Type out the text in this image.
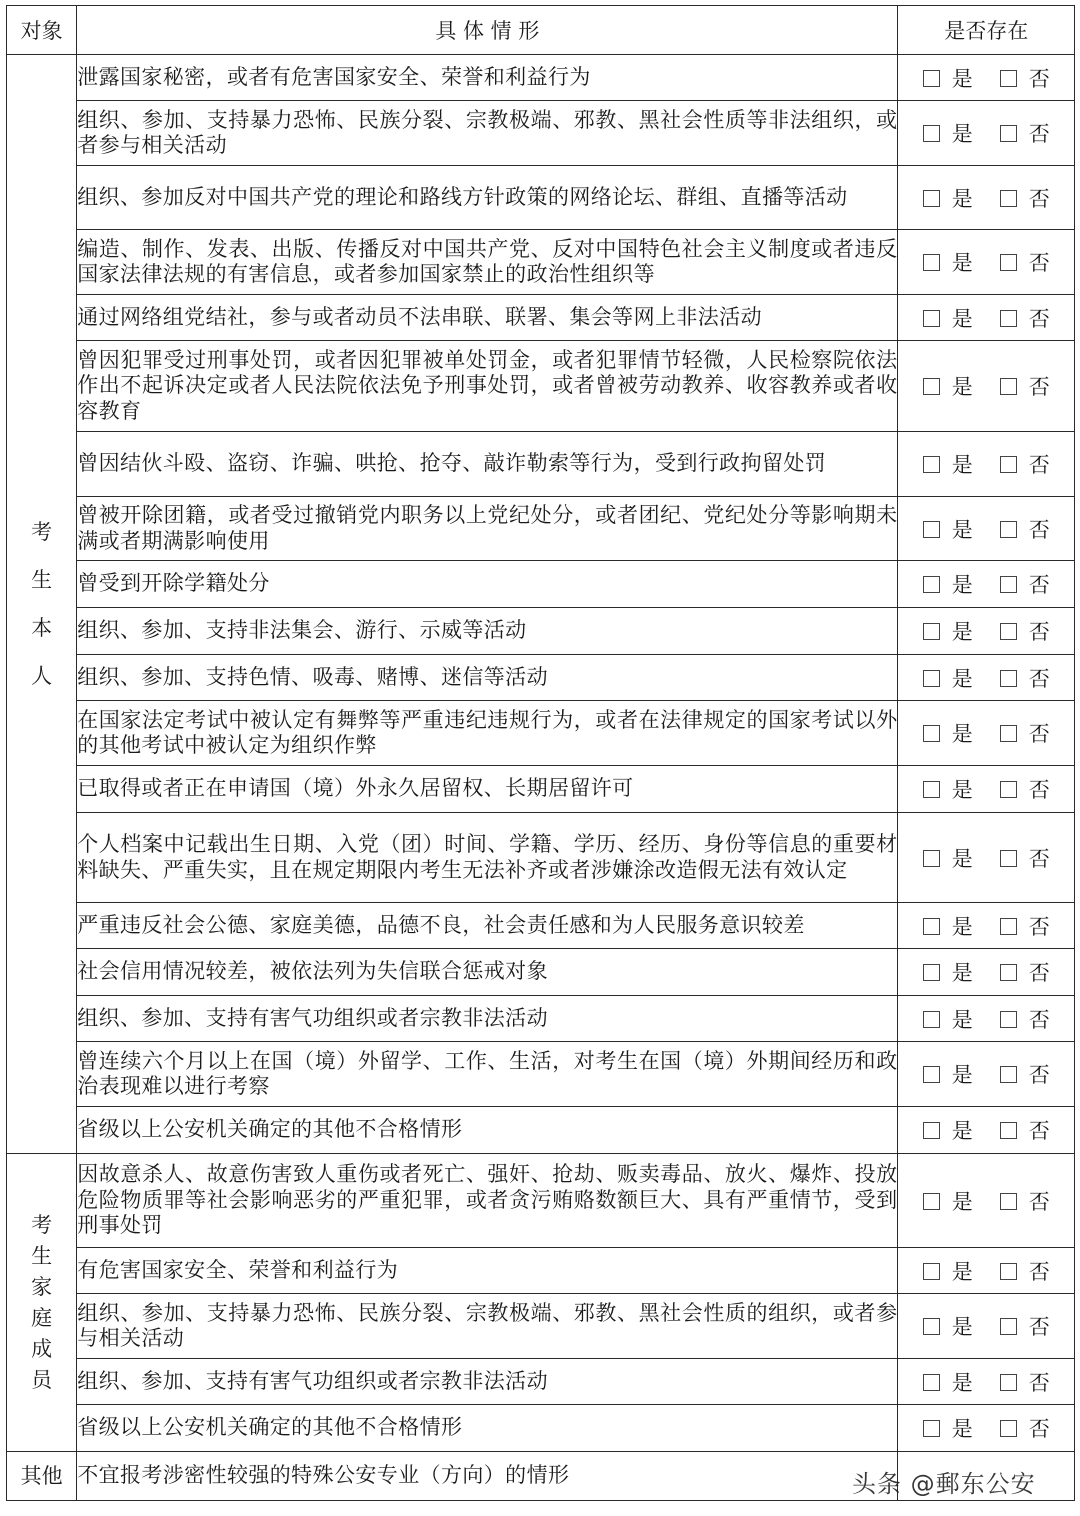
对象	具 体 情 形	是否存在

考
生
本
人	泄露国家秘密，或者有危害国家安全、荣誉和利益行为	是 否
	组织、参加、支持暴力恐怖、民族分裂、宗教极端、邪教、黑社会性质等非法组织，或者参与相关活动	是 否
	组织、参加反对中国共产党的理论和路线方针政策的网络论坛、群组、直播等活动	是 否
	编造、制作、发表、出版、传播反对中国共产党、反对中国特色社会主义制度或者违反国家法律法规的有害信息，或者参加国家禁止的政治性组织等	是 否
	通过网络组党结社，参与或者动员不法串联、联署、集会等网上非法活动	是 否
	曾因犯罪受过刑事处罚，或者因犯罪被单处罚金，或者犯罪情节轻微，人民检察院依法作出不起诉决定或者人民法院依法免予刑事处罚，或者曾被劳动教养、收容教养或者收容教育	是 否
	曾因结伙斗殴、盗窃、诈骗、哄抢、抢夺、敲诈勒索等行为，受到行政拘留处罚	是 否
	曾被开除团籍，或者受过撤销党内职务以上党纪处分，或者团纪、党纪处分等影响期未满或者期满影响使用	是 否
	曾受到开除学籍处分	是 否
	组织、参加、支持非法集会、游行、示威等活动	是 否
	组织、参加、支持色情、吸毒、赌博、迷信等活动	是 否
	在国家法定考试中被认定有舞弊等严重违纪违规行为，或者在法律规定的国家考试以外的其他考试中被认定为组织作弊	是 否
	已取得或者正在申请国（境）外永久居留权、长期居留许可	是 否
	个人档案中记载出生日期、入党（团）时间、学籍、学历、经历、身份等信息的重要材料缺失、严重失实，且在规定期限内考生无法补齐或者涉嫌涂改造假无法有效认定	是 否
	严重违反社会公德、家庭美德，品德不良，社会责任感和为人民服务意识较差	是 否
	社会信用情况较差，被依法列为失信联合惩戒对象	是 否
	组织、参加、支持有害气功组织或者宗教非法活动	是 否
	曾连续六个月以上在国（境）外留学、工作、生活，对考生在国（境）外期间经历和政治表现难以进行考察	是 否
	省级以上公安机关确定的其他不合格情形	是 否

考
生
家
庭
成
员
	因故意杀人、故意伤害致人重伤或者死亡、强奸、抢劫、贩卖毒品、放火、爆炸、投放危险物质罪等社会影响恶劣的严重犯罪，或者贪污贿赂数额巨大、具有严重情节，受到刑事处罚	是	否
	有危害国家安全、荣誉和利益行为	是 否
	组织、参加、支持暴力恐怖、民族分裂、宗教极端、邪教、黑社会性质的组织，或者参与相关活动	是 否
	组织、参加、支持有害气功组织或者宗教非法活动	是 否
	省级以上公安机关确定的其他不合格情形	是 否
其他	不宜报考涉密性较强的特殊公安专业（方向）的情形		头条 @郵东公安
